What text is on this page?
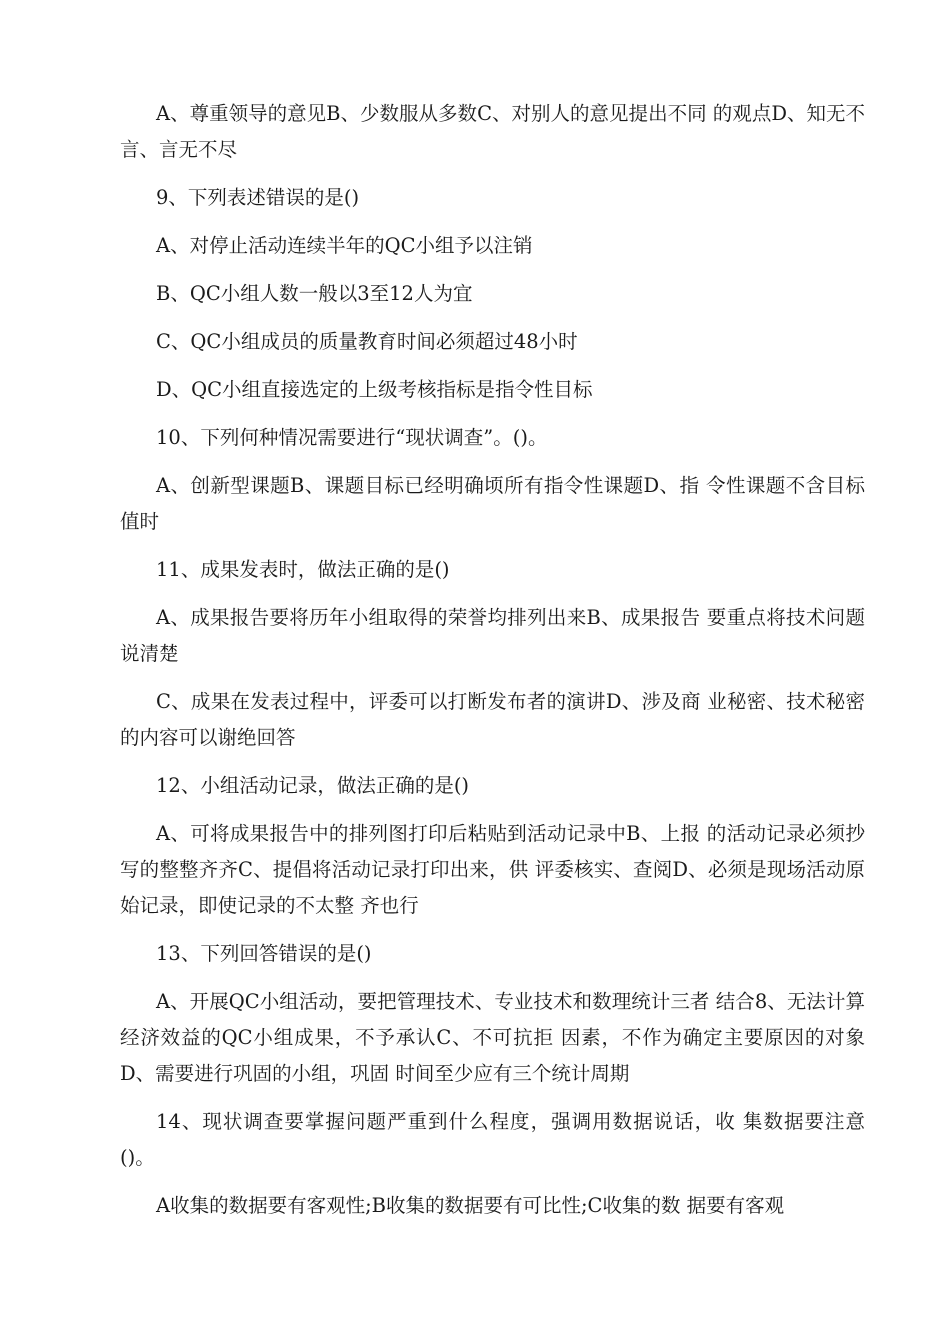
A、尊重领导的意见B、少数服从多数C、对别人的意见提出不同 的观点D、知无不言、言无不尽

9、下列表述错误的是()

A、对停止活动连续半年的QC小组予以注销

B、QC小组人数一般以3至12人为宜

C、QC小组成员的质量教育时间必须超过48小时

D、QC小组直接选定的上级考核指标是指令性目标

10、下列何种情况需要进行“现状调查”。()。

A、创新型课题B、课题目标已经明确顷所有指令性课题D、指 令性课题不含目标值时

11、成果发表时，做法正确的是()

A、成果报告要将历年小组取得的荣誉均排列出来B、成果报告 要重点将技术问题说清楚

C、成果在发表过程中，评委可以打断发布者的演讲D、涉及商 业秘密、技术秘密的内容可以谢绝回答

12、小组活动记录，做法正确的是()

A、可将成果报告中的排列图打印后粘贴到活动记录中B、上报 的活动记录必须抄写的整整齐齐C、提倡将活动记录打印出来，供 评委核实、查阅D、必须是现场活动原始记录，即使记录的不太整 齐也行

13、下列回答错误的是()

A、开展QC小组活动，要把管理技术、专业技术和数理统计三者 结合8、无法计算经济效益的QC小组成果，不予承认C、不可抗拒 因素，不作为确定主要原因的对象D、需要进行巩固的小组，巩固 时间至少应有三个统计周期

14、现状调查要掌握问题严重到什么程度，强调用数据说话，收 集数据要注意()。

A收集的数据要有客观性;B收集的数据要有可比性;C收集的数 据要有客观
